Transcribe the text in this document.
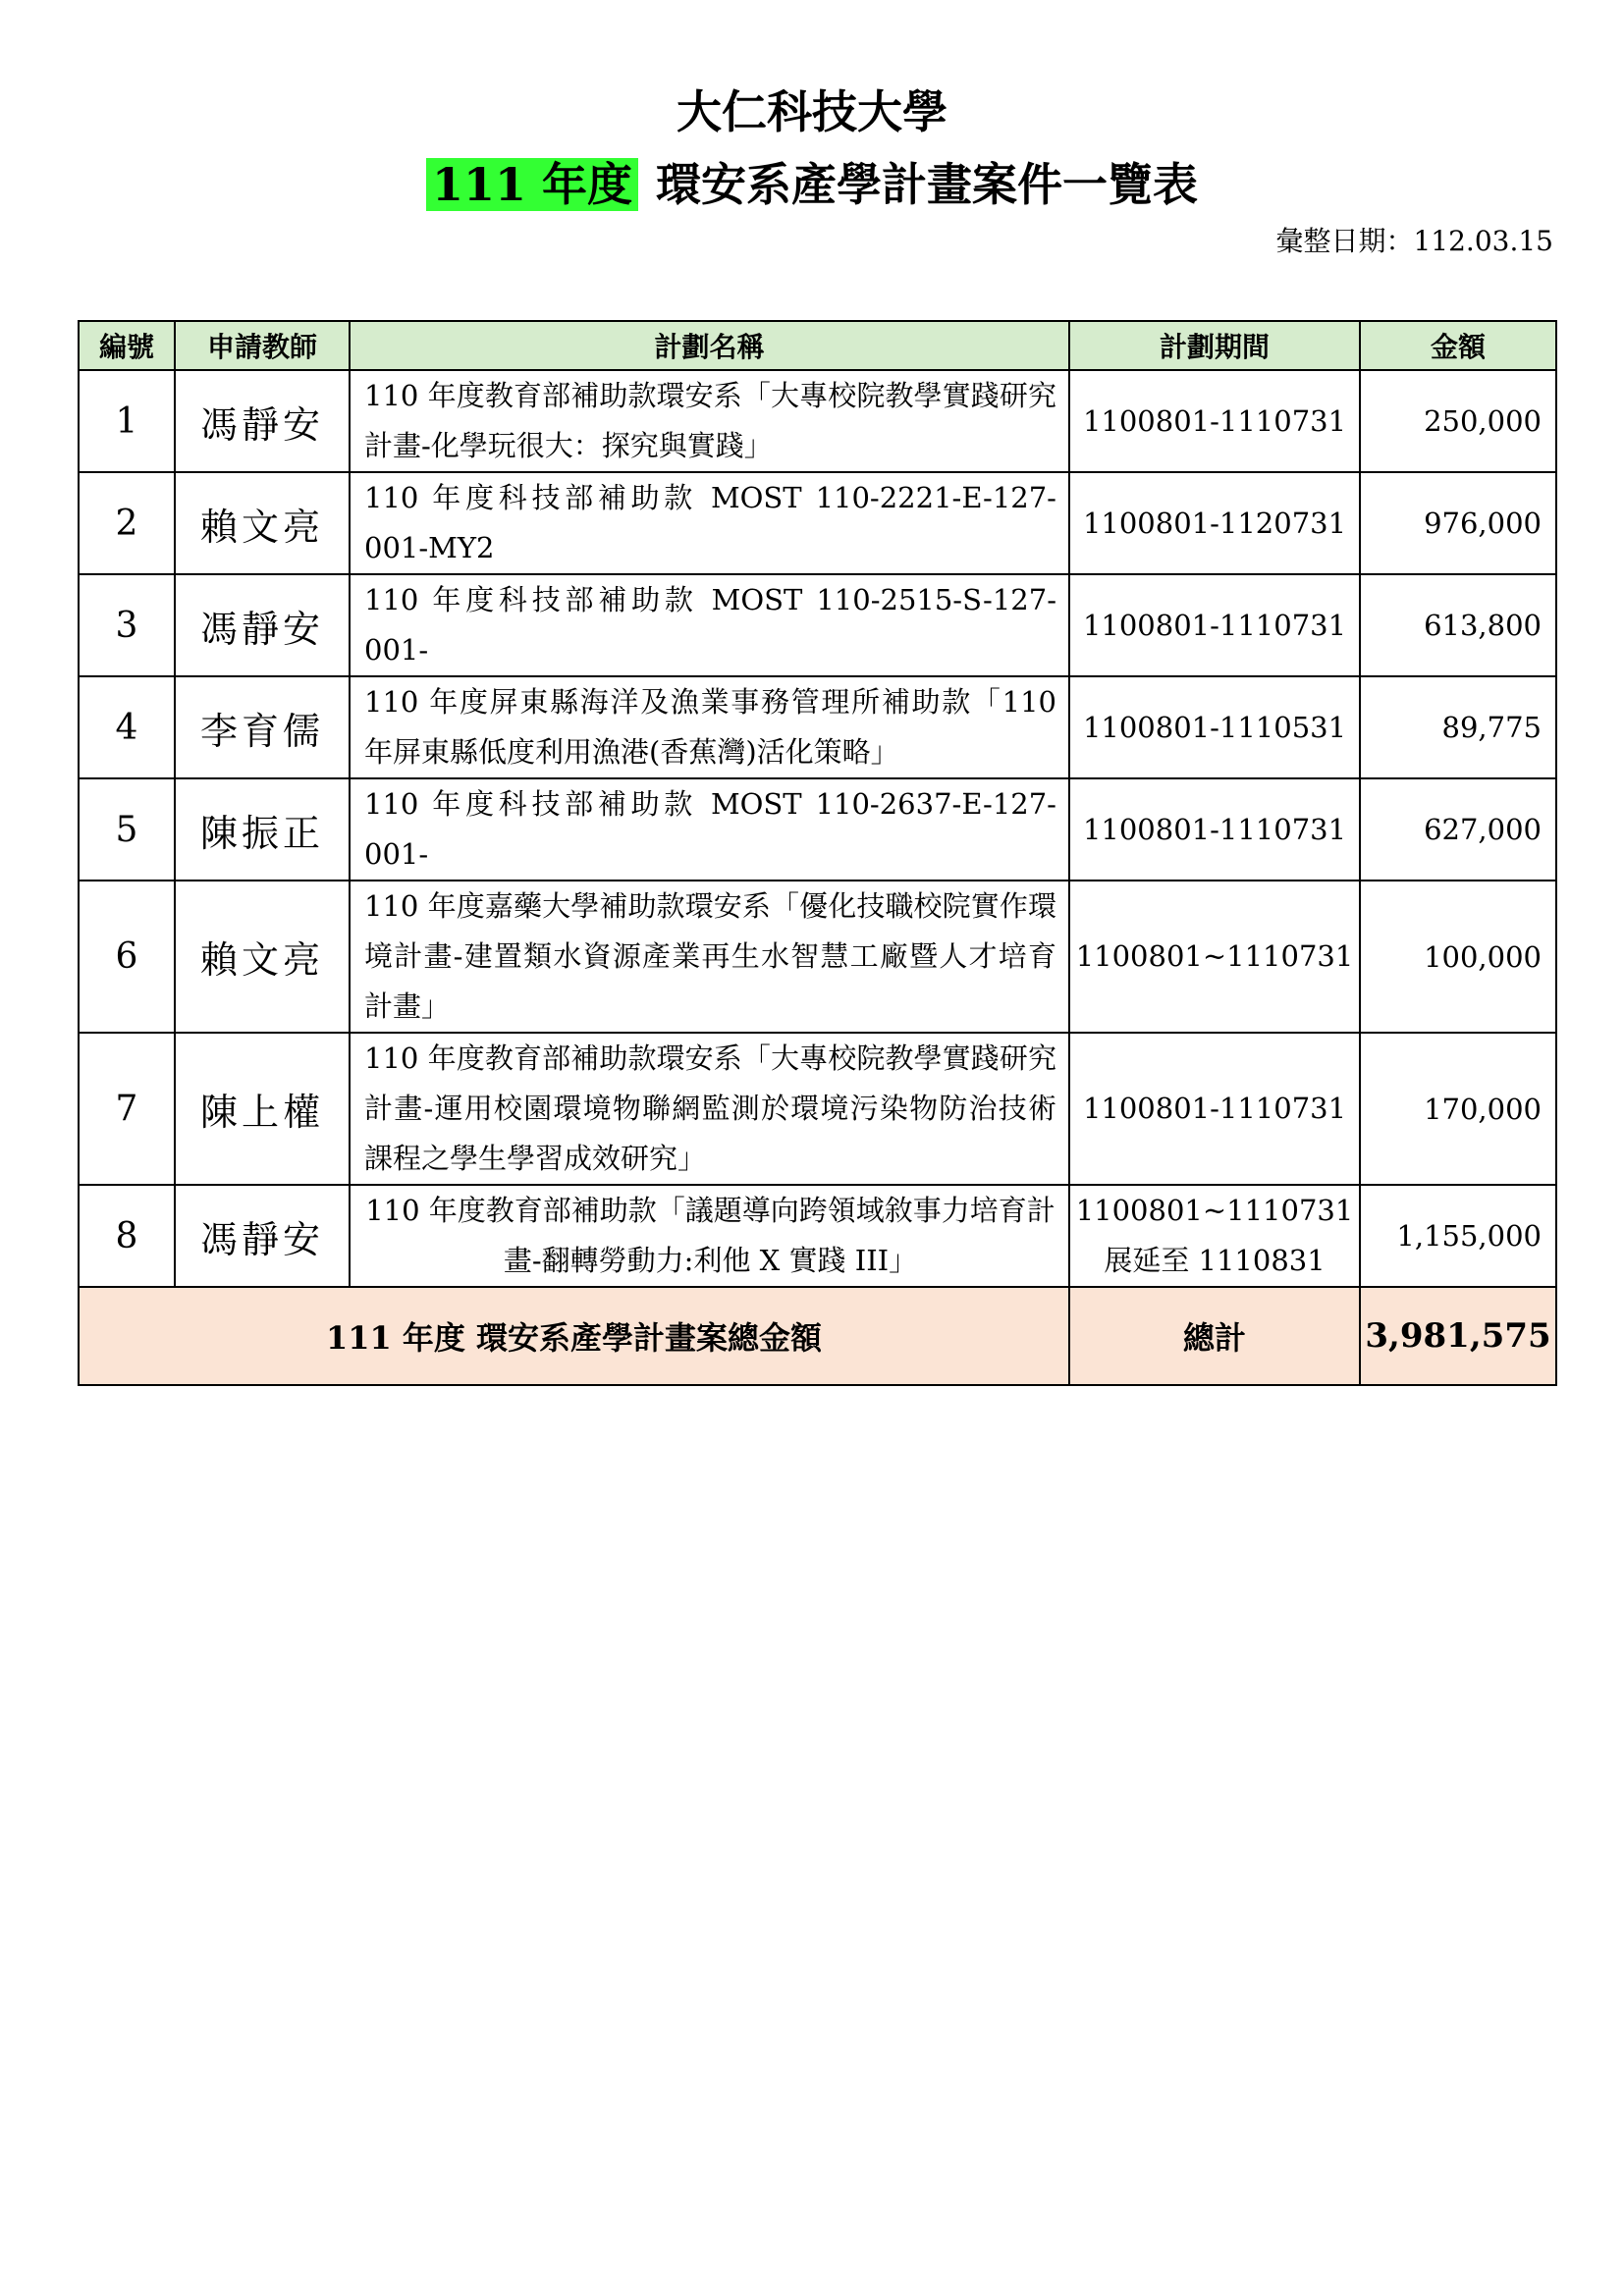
大仁科技大學
111 年度 環安系產學計畫案件一覽表
彙整日期：112.03.15
編號	申請教師	計劃名稱	計劃期間	金額
1	馮靜安	110 年度教育部補助款環安系「大專校院教學實踐研究計畫-化學玩很大：探究與實踐」	1100801-1110731	250,000
2	賴文亮	110 年度科技部補助款 MOST 110-2221-E-127-001-MY2	1100801-1120731	976,000
3	馮靜安	110 年度科技部補助款 MOST 110-2515-S-127-001-	1100801-1110731	613,800
4	李育儒	110 年度屏東縣海洋及漁業事務管理所補助款「110 年屏東縣低度利用漁港(香蕉灣)活化策略」	1100801-1110531	89,775
5	陳振正	110 年度科技部補助款 MOST 110-2637-E-127-001-	1100801-1110731	627,000
6	賴文亮	110 年度嘉藥大學補助款環安系「優化技職校院實作環境計畫-建置類水資源產業再生水智慧工廠暨人才培育計畫」	1100801~1110731	100,000
7	陳上權	110 年度教育部補助款環安系「大專校院教學實踐研究計畫-運用校園環境物聯網監測於環境污染物防治技術課程之學生學習成效研究」	1100801-1110731	170,000
8	馮靜安	110 年度教育部補助款「議題導向跨領域敘事力培育計畫-翻轉勞動力:利他 X 實踐 III」	1100801~1110731 展延至 1110831	1,155,000
111 年度 環安系產學計畫案總金額			總計	3,981,575
